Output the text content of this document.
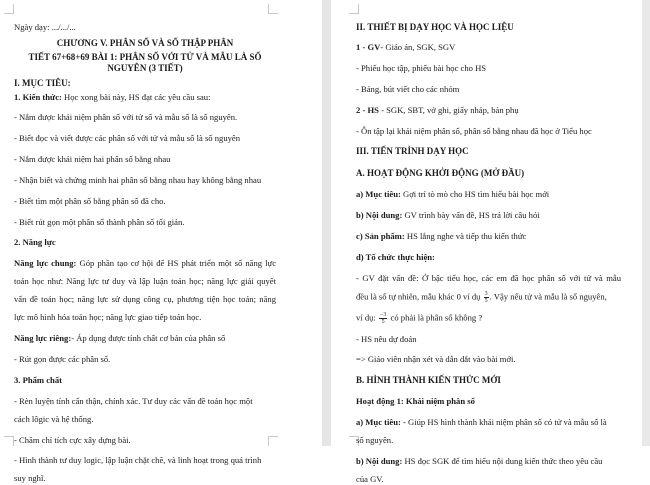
Ngày dạy: .../.../...
CHƯƠNG V. PHÂN SỐ VÀ SỐ THẬP PHÂN
TIẾT 67+68+69 BÀI 1: PHÂN SỐ VỚI TỬ VÀ MẪU LÀ SỐ
NGUYÊN (3 TIẾT)
I. MỤC TIÊU:
1. Kiến thức: Học xong bài này, HS đạt các yêu cầu sau:
- Nắm được khái niệm phân số với tử số và mẫu số là số nguyên.
- Biết đọc và viết được các phân số với tử và mẫu số là số nguyên
- Nắm được khái niệm hai phân số bằng nhau
- Nhận biết và chứng minh hai phân số bằng nhau hay không bằng nhau
- Biết tìm một phân số bằng phân số đã cho.
- Biết rút gọn một phân số thành phân số tối giản.
2. Năng lực
Năng lực chung: Góp phần tạo cơ hội để HS phát triển một số năng lực
toán học như: Năng lực tư duy và lập luận toán học; năng lực giải quyết
vấn đề toán học; năng lực sử dụng công cụ, phương tiện học toán; năng
lực mô hình hóa toán học; năng lực giao tiếp toán học.
Năng lực riêng:- Áp dụng được tính chất cơ bản của phân số
- Rút gọn được các phân số.
3. Phẩm chất
- Rèn luyện tính cẩn thận, chính xác. Tư duy các vấn đề toán học một
cách lôgic và hệ thống.
- Chăm chỉ tích cực xây dựng bài.
- Hình thành tư duy logic, lập luận chặt chẽ, và linh hoạt trong quá trình
suy nghĩ.
II. THIẾT BỊ DẠY HỌC VÀ HỌC LIỆU
1 - GV- Giáo án, SGK, SGV
- Phiếu học tập, phiếu bài học cho HS
- Bảng, bút viết cho các nhóm
2 - HS - SGK, SBT, vở ghi, giấy nháp, bản phụ
- Ôn tập lại khái niệm phân số, phân số bằng nhau đã học ở Tiểu học
III. TIẾN TRÌNH DẠY HỌC
A. HOẠT ĐỘNG KHỞI ĐỘNG (MỞ ĐẦU)
a) Mục tiêu: Gợi trí tò mò cho HS tìm hiểu bài học mới
b) Nội dung: GV trình bày vấn đề, HS trả lời câu hỏi
c) Sản phẩm: HS lắng nghe và tiếp thu kiến thức
d) Tổ chức thực hiện:
- GV đặt vấn đề: Ở bậc tiểu học, các em đã học phân số với tử và mẫu
đều là số tự nhiên, mẫu khác 0 ví dụ $\frac{3}{5}$ . Vậy nếu tử và mẫu là số nguyên,
ví dụ: $\frac{-3}{5}$ có phải là phân số không ?
- HS nêu dự đoán
=> Giáo viên nhận xét và dẫn dắt vào bài mới.
B. HÌNH THÀNH KIẾN THỨC MỚI
Hoạt động 1: Khái niệm phân số
a) Mục tiêu: - Giúp HS hình thành khái niệm phân số có tử và mẫu số là
số nguyên.
b) Nội dung: HS đọc SGK để tìm hiểu nội dung kiến thức theo yêu cầu
của GV.
